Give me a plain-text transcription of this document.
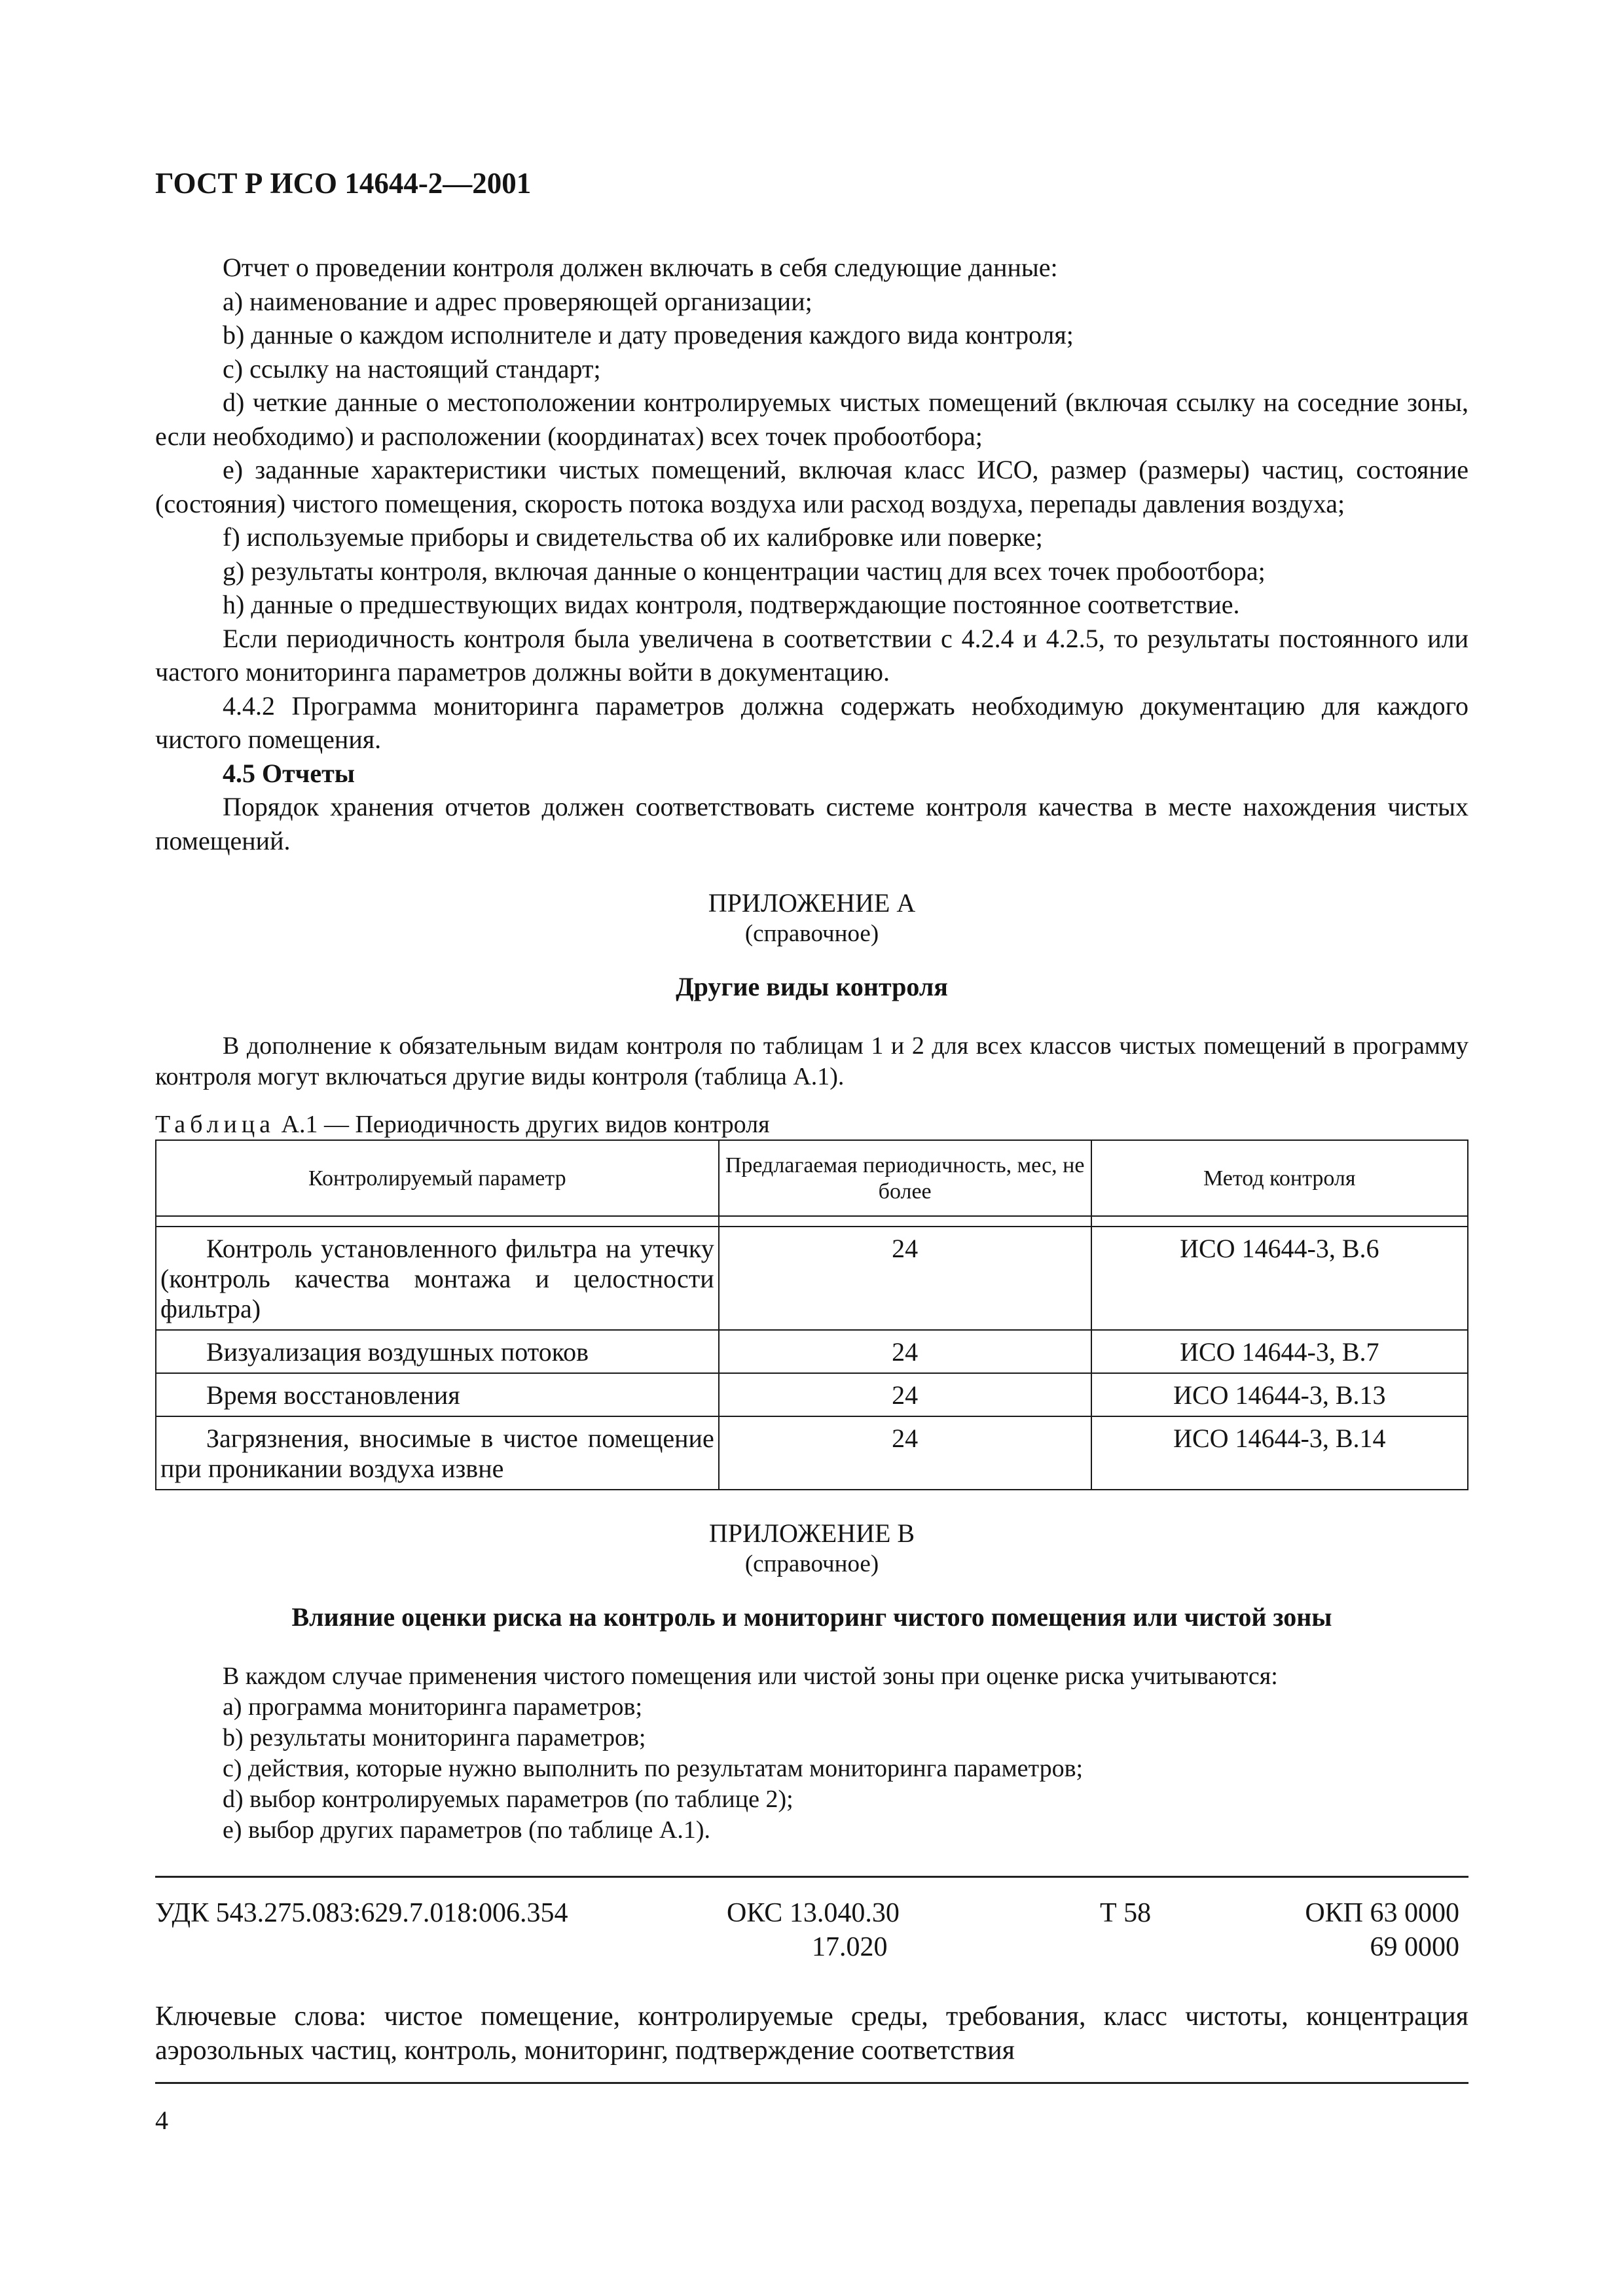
ГОСТ Р ИСО 14644-2—2001

Отчет о проведении контроля должен включать в себя следующие данные:

a) наименование и адрес проверяющей организации;

b) данные о каждом исполнителе и дату проведения каждого вида контроля;

c) ссылку на настоящий стандарт;

d) четкие данные о местоположении контролируемых чистых помещений (включая ссылку на соседние зоны, если необходимо) и расположении (координатах) всех точек пробоотбора;

e) заданные характеристики чистых помещений, включая класс ИСО, размер (размеры) частиц, состояние (состояния) чистого помещения, скорость потока воздуха или расход воздуха, перепады давления воздуха;

f) используемые приборы и свидетельства об их калибровке или поверке;

g) результаты контроля, включая данные о концентрации частиц для всех точек пробоотбора;

h) данные о предшествующих видах контроля, подтверждающие постоянное соответствие.

Если периодичность контроля была увеличена в соответствии с 4.2.4 и 4.2.5, то результаты постоянного или частого мониторинга параметров должны войти в документацию.

4.4.2 Программа мониторинга параметров должна содержать необходимую документацию для каждого чистого помещения.

4.5 Отчеты

Порядок хранения отчетов должен соответствовать системе контроля качества в месте нахождения чистых помещений.

ПРИЛОЖЕНИЕ А

(справочное)

Другие виды контроля

В дополнение к обязательным видам контроля по таблицам 1 и 2 для всех классов чистых помещений в программу контроля могут включаться другие виды контроля (таблица А.1).

Таблица А.1 — Периодичность других видов контроля

Контролируемый параметр	Предлагаемая периодичность, мес, не более	Метод контроля

Контроль установленного фильтра на утечку (контроль качества монтажа и целостности фильтра)	24	ИСО 14644-3, В.6
Визуализация воздушных потоков	24	ИСО 14644-3, В.7
Время восстановления	24	ИСО 14644-3, В.13
Загрязнения, вносимые в чистое помещение при проникании воздуха извне	24	ИСО 14644-3, В.14

ПРИЛОЖЕНИЕ В

(справочное)

Влияние оценки риска на контроль и мониторинг чистого помещения или чистой зоны

В каждом случае применения чистого помещения или чистой зоны при оценке риска учитываются:

a) программа мониторинга параметров;

b) результаты мониторинга параметров;

c) действия, которые нужно выполнить по результатам мониторинга параметров;

d) выбор контролируемых параметров (по таблице 2);

e) выбор других параметров (по таблице А.1).

УДК 543.275.083:629.7.018:006.354	ОКС 13.040.30
17.020
Т 58	ОКП 63 0000
69 0000

Ключевые слова: чистое помещение, контролируемые среды, требования, класс чистоты, концентрация аэрозольных частиц, контроль, мониторинг, подтверждение соответствия

4
